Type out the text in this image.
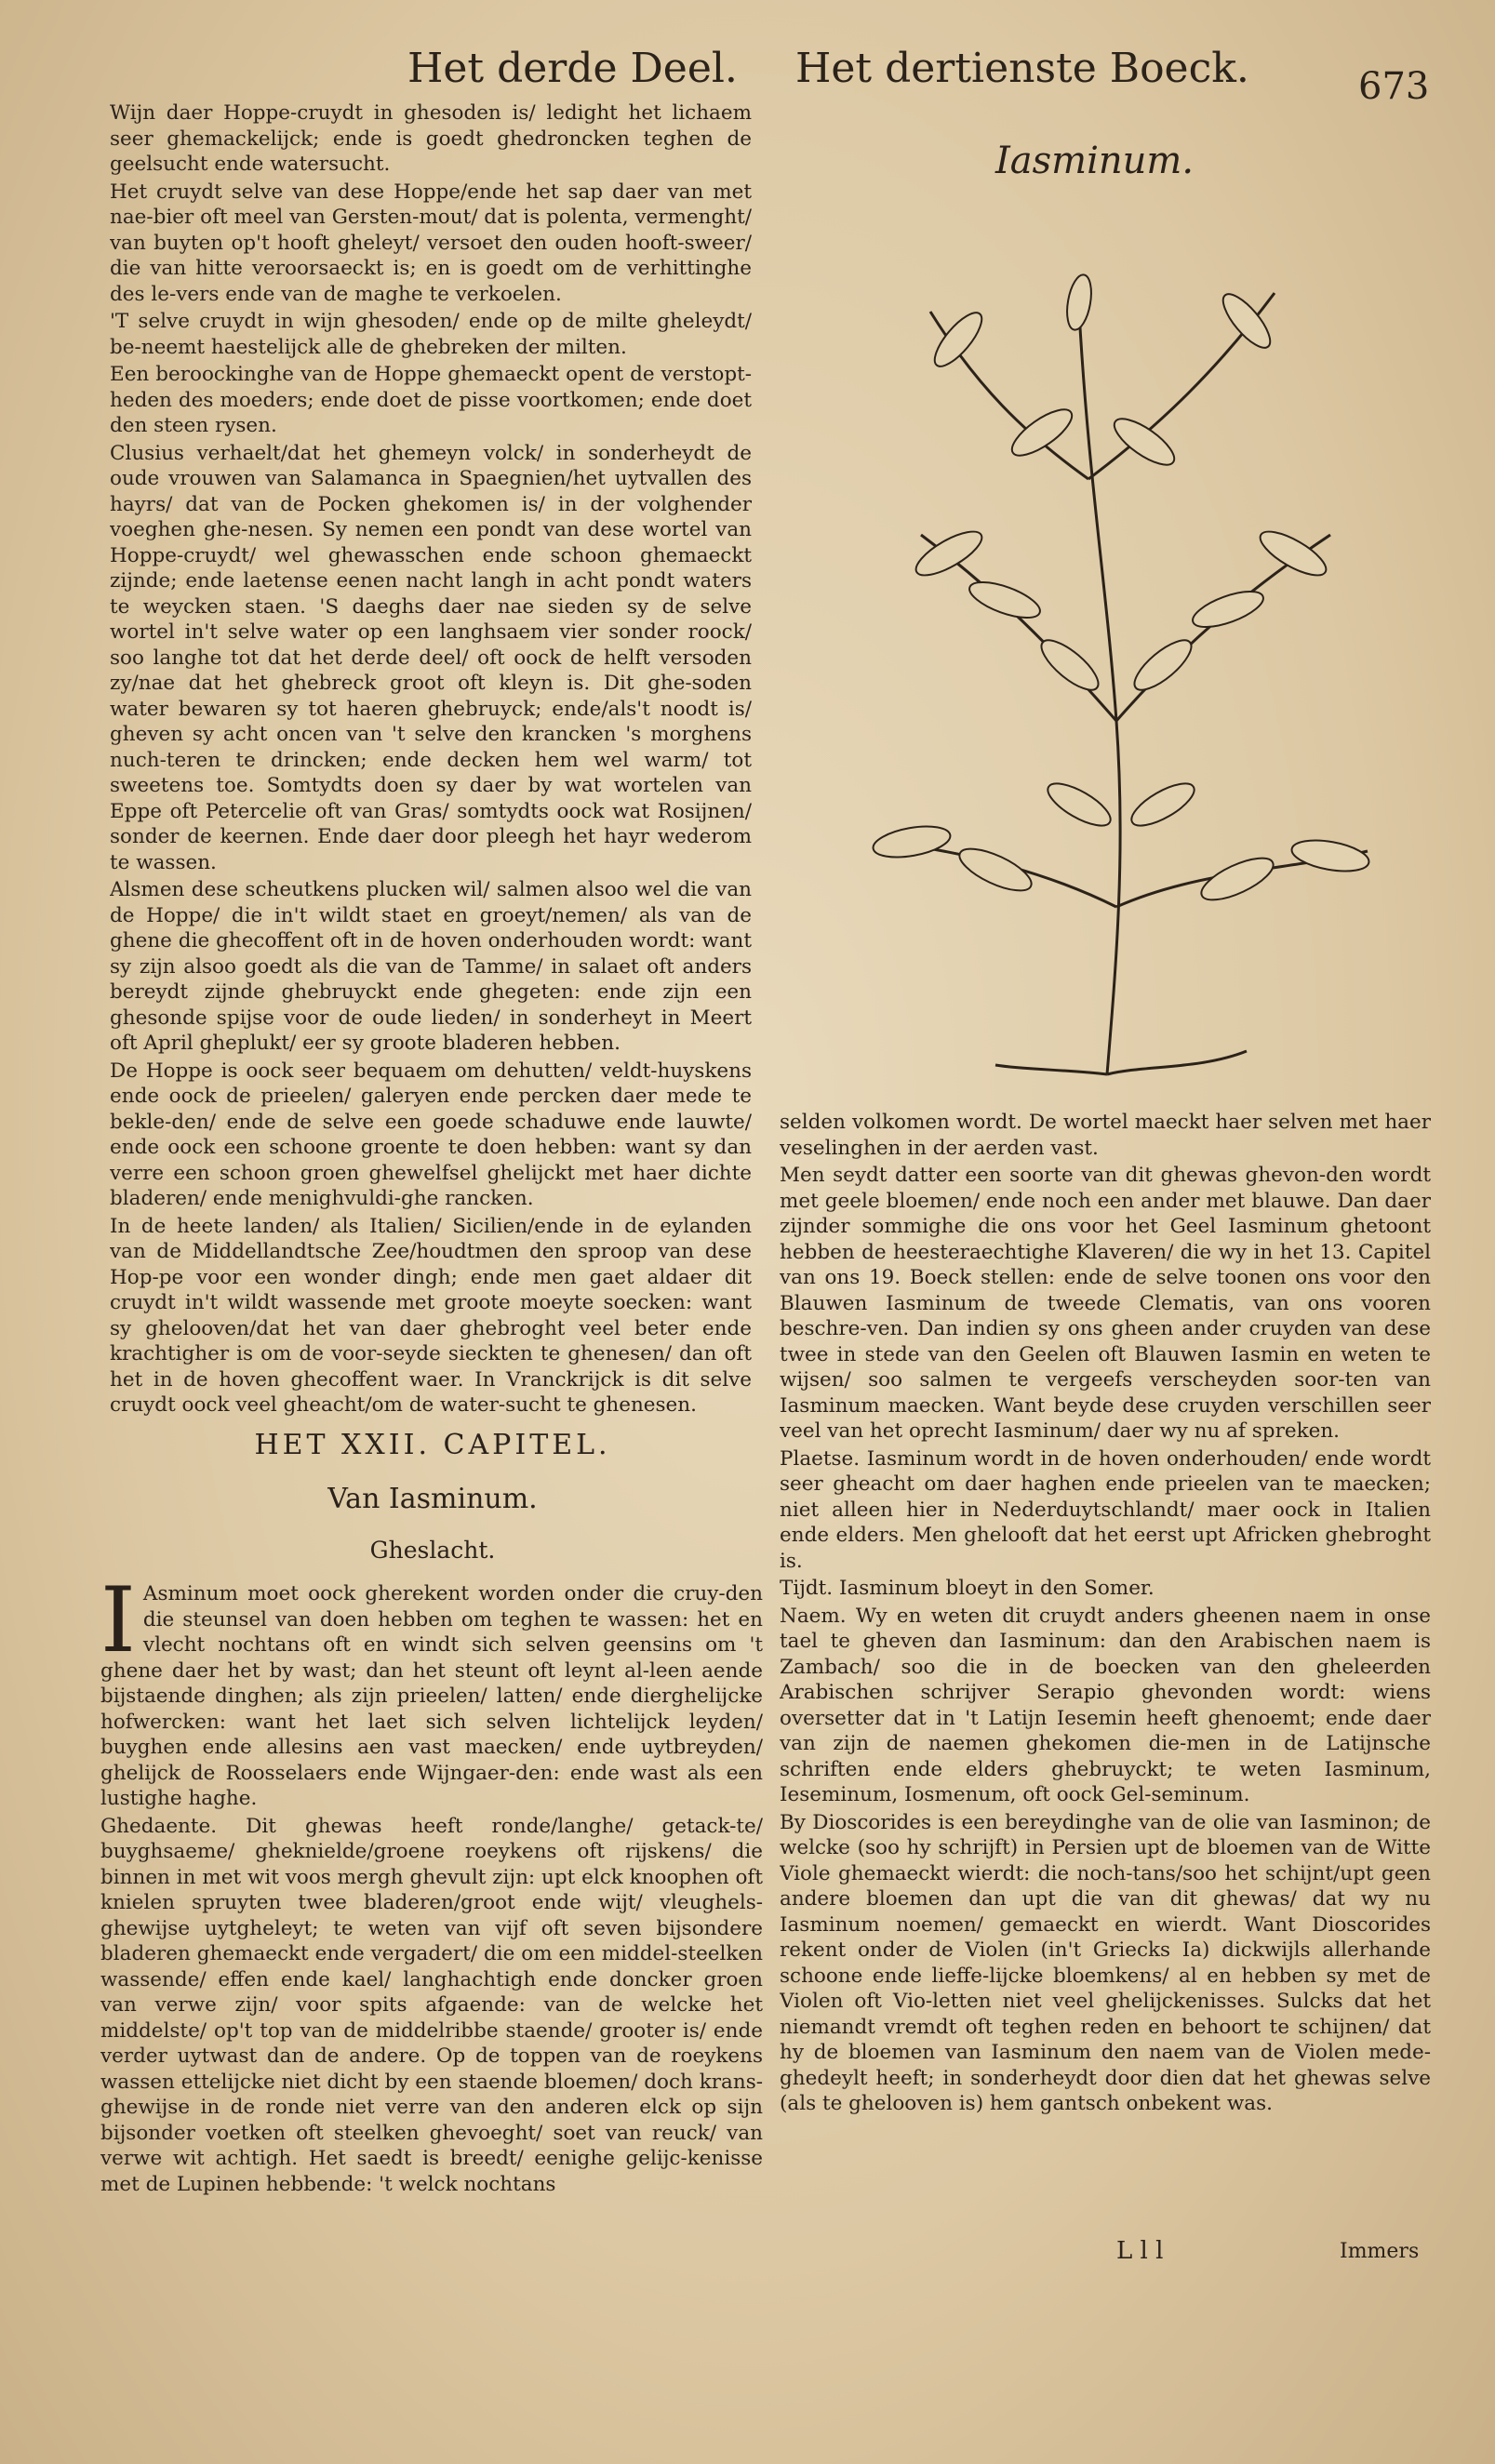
Het derde Deel. Het dertienste Boeck.	673

Wijn daer Hoppe-cruydt in ghesoden is/ ledight het lichaem seer ghemackelijck; ende is goedt ghedroncken teghen de geelsucht ende watersucht.

Het cruydt selve van dese Hoppe/ende het sap daer van met nae-bier oft meel van Gersten-mout/ dat is polenta, vermenght/ van buyten op't hooft gheleyt/ versoet den ouden hooft-sweer/ die van hitte veroorsaeckt is; en is goedt om de verhittinghe des le-vers ende van de maghe te verkoelen.

'T selve cruydt in wijn ghesoden/ ende op de milte gheleydt/ be-neemt haestelijck alle de ghebreken der milten.

Een beroockinghe van de Hoppe ghemaeckt opent de verstopt-heden des moeders; ende doet de pisse voortkomen; ende doet den steen rysen.

Clusius verhaelt/dat het ghemeyn volck/ in sonderheydt de oude vrouwen van Salamanca in Spaegnien/het uytvallen des hayrs/ dat van de Pocken ghekomen is/ in der volghender voeghen ghe-nesen. Sy nemen een pondt van dese wortel van Hoppe-cruydt/ wel ghewasschen ende schoon ghemaeckt zijnde; ende laetense eenen nacht langh in acht pondt waters te weycken staen. 'S daeghs daer nae sieden sy de selve wortel in't selve water op een langhsaem vier sonder roock/ soo langhe tot dat het derde deel/ oft oock de helft versoden zy/nae dat het ghebreck groot oft kleyn is. Dit ghe-soden water bewaren sy tot haeren ghebruyck; ende/als't noodt is/ gheven sy acht oncen van 't selve den krancken 's morghens nuch-teren te drincken; ende decken hem wel warm/ tot sweetens toe. Somtydts doen sy daer by wat wortelen van Eppe oft Petercelie oft van Gras/ somtydts oock wat Rosijnen/ sonder de keernen. Ende daer door pleegh het hayr wederom te wassen.

Alsmen dese scheutkens plucken wil/ salmen alsoo wel die van de Hoppe/ die in't wildt staet en groeyt/nemen/ als van de ghene die ghecoffent oft in de hoven onderhouden wordt: want sy zijn alsoo goedt als die van de Tamme/ in salaet oft anders bereydt zijnde ghebruyckt ende ghegeten: ende zijn een ghesonde spijse voor de oude lieden/ in sonderheyt in Meert oft April gheplukt/ eer sy groote bladeren hebben.

De Hoppe is oock seer bequaem om dehutten/ veldt-huyskens ende oock de prieelen/ galeryen ende percken daer mede te bekle-den/ ende de selve een goede schaduwe ende lauwte/ ende oock een schoone groente te doen hebben: want sy dan verre een schoon groen ghewelfsel ghelijckt met haer dichte bladeren/ ende menighvuldi-ghe rancken.

In de heete landen/ als Italien/ Sicilien/ende in de eylanden van de Middellandtsche Zee/houdtmen den sproop van dese Hop-pe voor een wonder dingh; ende men gaet aldaer dit cruydt in't wildt wassende met groote moeyte soecken: want sy ghelooven/dat het van daer ghebroght veel beter ende krachtigher is om de voor-seyde sieckten te ghenesen/ dan oft het in de hoven ghecoffent waer. In Vranckrijck is dit selve cruydt oock veel gheacht/om de water-sucht te ghenesen.

HET XXII. CAPITEL.
Van Iasminum.
Gheslacht.

I Asminum moet oock gherekent worden onder die cruy-den die steunsel van doen hebben om teghen te wassen: het en vlecht nochtans oft en windt sich selven geensins om 't ghene daer het by wast; dan het steunt oft leynt al-leen aende bijstaende dinghen; als zijn prieelen/ latten/ ende dierghelijcke hofwercken: want het laet sich selven lichtelijck leyden/ buyghen ende allesins aen vast maecken/ ende uytbreyden/ ghelijck de Roosselaers ende Wijngaer-den: ende wast als een lustighe haghe.

Ghedaente. Dit ghewas heeft ronde/langhe/ getack-te/ buyghsaeme/ gheknielde/groene roeykens oft rijskens/ die binnen in met wit voos mergh ghevult zijn: upt elck knoophen oft knielen spruyten twee bladeren/groot ende wijt/ vleughels-ghewijse uytgheleyt; te weten van vijf oft seven bijsondere bladeren ghemaeckt ende vergadert/ die om een middel-steelken wassende/ effen ende kael/ langhachtigh ende doncker groen van verwe zijn/ voor spits afgaende: van de welcke het middelste/ op't top van de middelribbe staende/ grooter is/ ende verder uytwast dan de andere. Op de toppen van de roeykens wassen ettelijcke niet dicht by een staende bloemen/ doch krans-ghewijse in de ronde niet verre van den anderen elck op sijn bijsonder voetken oft steelken ghevoeght/ soet van reuck/ van verwe wit achtigh. Het saedt is breedt/ eenighe gelijc-kenisse met de Lupinen hebbende: 't welck nochtans

Iasminum.

selden volkomen wordt. De wortel maeckt haer selven met haer veselinghen in der aerden vast.

Men seydt datter een soorte van dit ghewas ghevon-den wordt met geele bloemen/ ende noch een ander met blauwe. Dan daer zijnder sommighe die ons voor het Geel Iasminum ghetoont hebben de heesteraechtighe Klaveren/ die wy in het 13. Capitel van ons 19. Boeck stellen: ende de selve toonen ons voor den Blauwen Iasminum de tweede Clematis, van ons vooren beschre-ven. Dan indien sy ons gheen ander cruyden van dese twee in stede van den Geelen oft Blauwen Iasmin en weten te wijsen/ soo salmen te vergeefs verscheyden soor-ten van Iasminum maecken. Want beyde dese cruyden verschillen seer veel van het oprecht Iasminum/ daer wy nu af spreken.

Plaetse. Iasminum wordt in de hoven onderhouden/ ende wordt seer gheacht om daer haghen ende prieelen van te maecken; niet alleen hier in Nederduytschlandt/ maer oock in Italien ende elders. Men ghelooft dat het eerst upt Africken ghebroght is.

Tijdt. Iasminum bloeyt in den Somer.

Naem. Wy en weten dit cruydt anders gheenen naem in onse tael te gheven dan Iasminum: dan den Arabischen naem is Zambach/ soo die in de boecken van den gheleerden Arabischen schrijver Serapio ghevonden wordt: wiens oversetter dat in 't Latijn Iesemin heeft ghenoemt; ende daer van zijn de naemen ghekomen die-men in de Latijnsche schriften ende elders ghebruyckt; te weten Iasminum, Ieseminum, Iosmenum, oft oock Gel-seminum.

By Dioscorides is een bereydinghe van de olie van Iasminon; de welcke (soo hy schrijft) in Persien upt de bloemen van de Witte Viole ghemaeckt wierdt: die noch-tans/soo het schijnt/upt geen andere bloemen dan upt die van dit ghewas/ dat wy nu Iasminum noemen/ gemaeckt en wierdt. Want Dioscorides rekent onder de Violen (in't Griecks Ia) dickwijls allerhande schoone ende lieffe-lijcke bloemkens/ al en hebben sy met de Violen oft Vio-letten niet veel ghelijckenisses. Sulcks dat het niemandt vremdt oft teghen reden en behoort te schijnen/ dat hy de bloemen van Iasminum den naem van de Violen mede-ghedeylt heeft; in sonderheydt door dien dat het ghewas selve (als te ghelooven is) hem gantsch onbekent was.

L l l	Immers
